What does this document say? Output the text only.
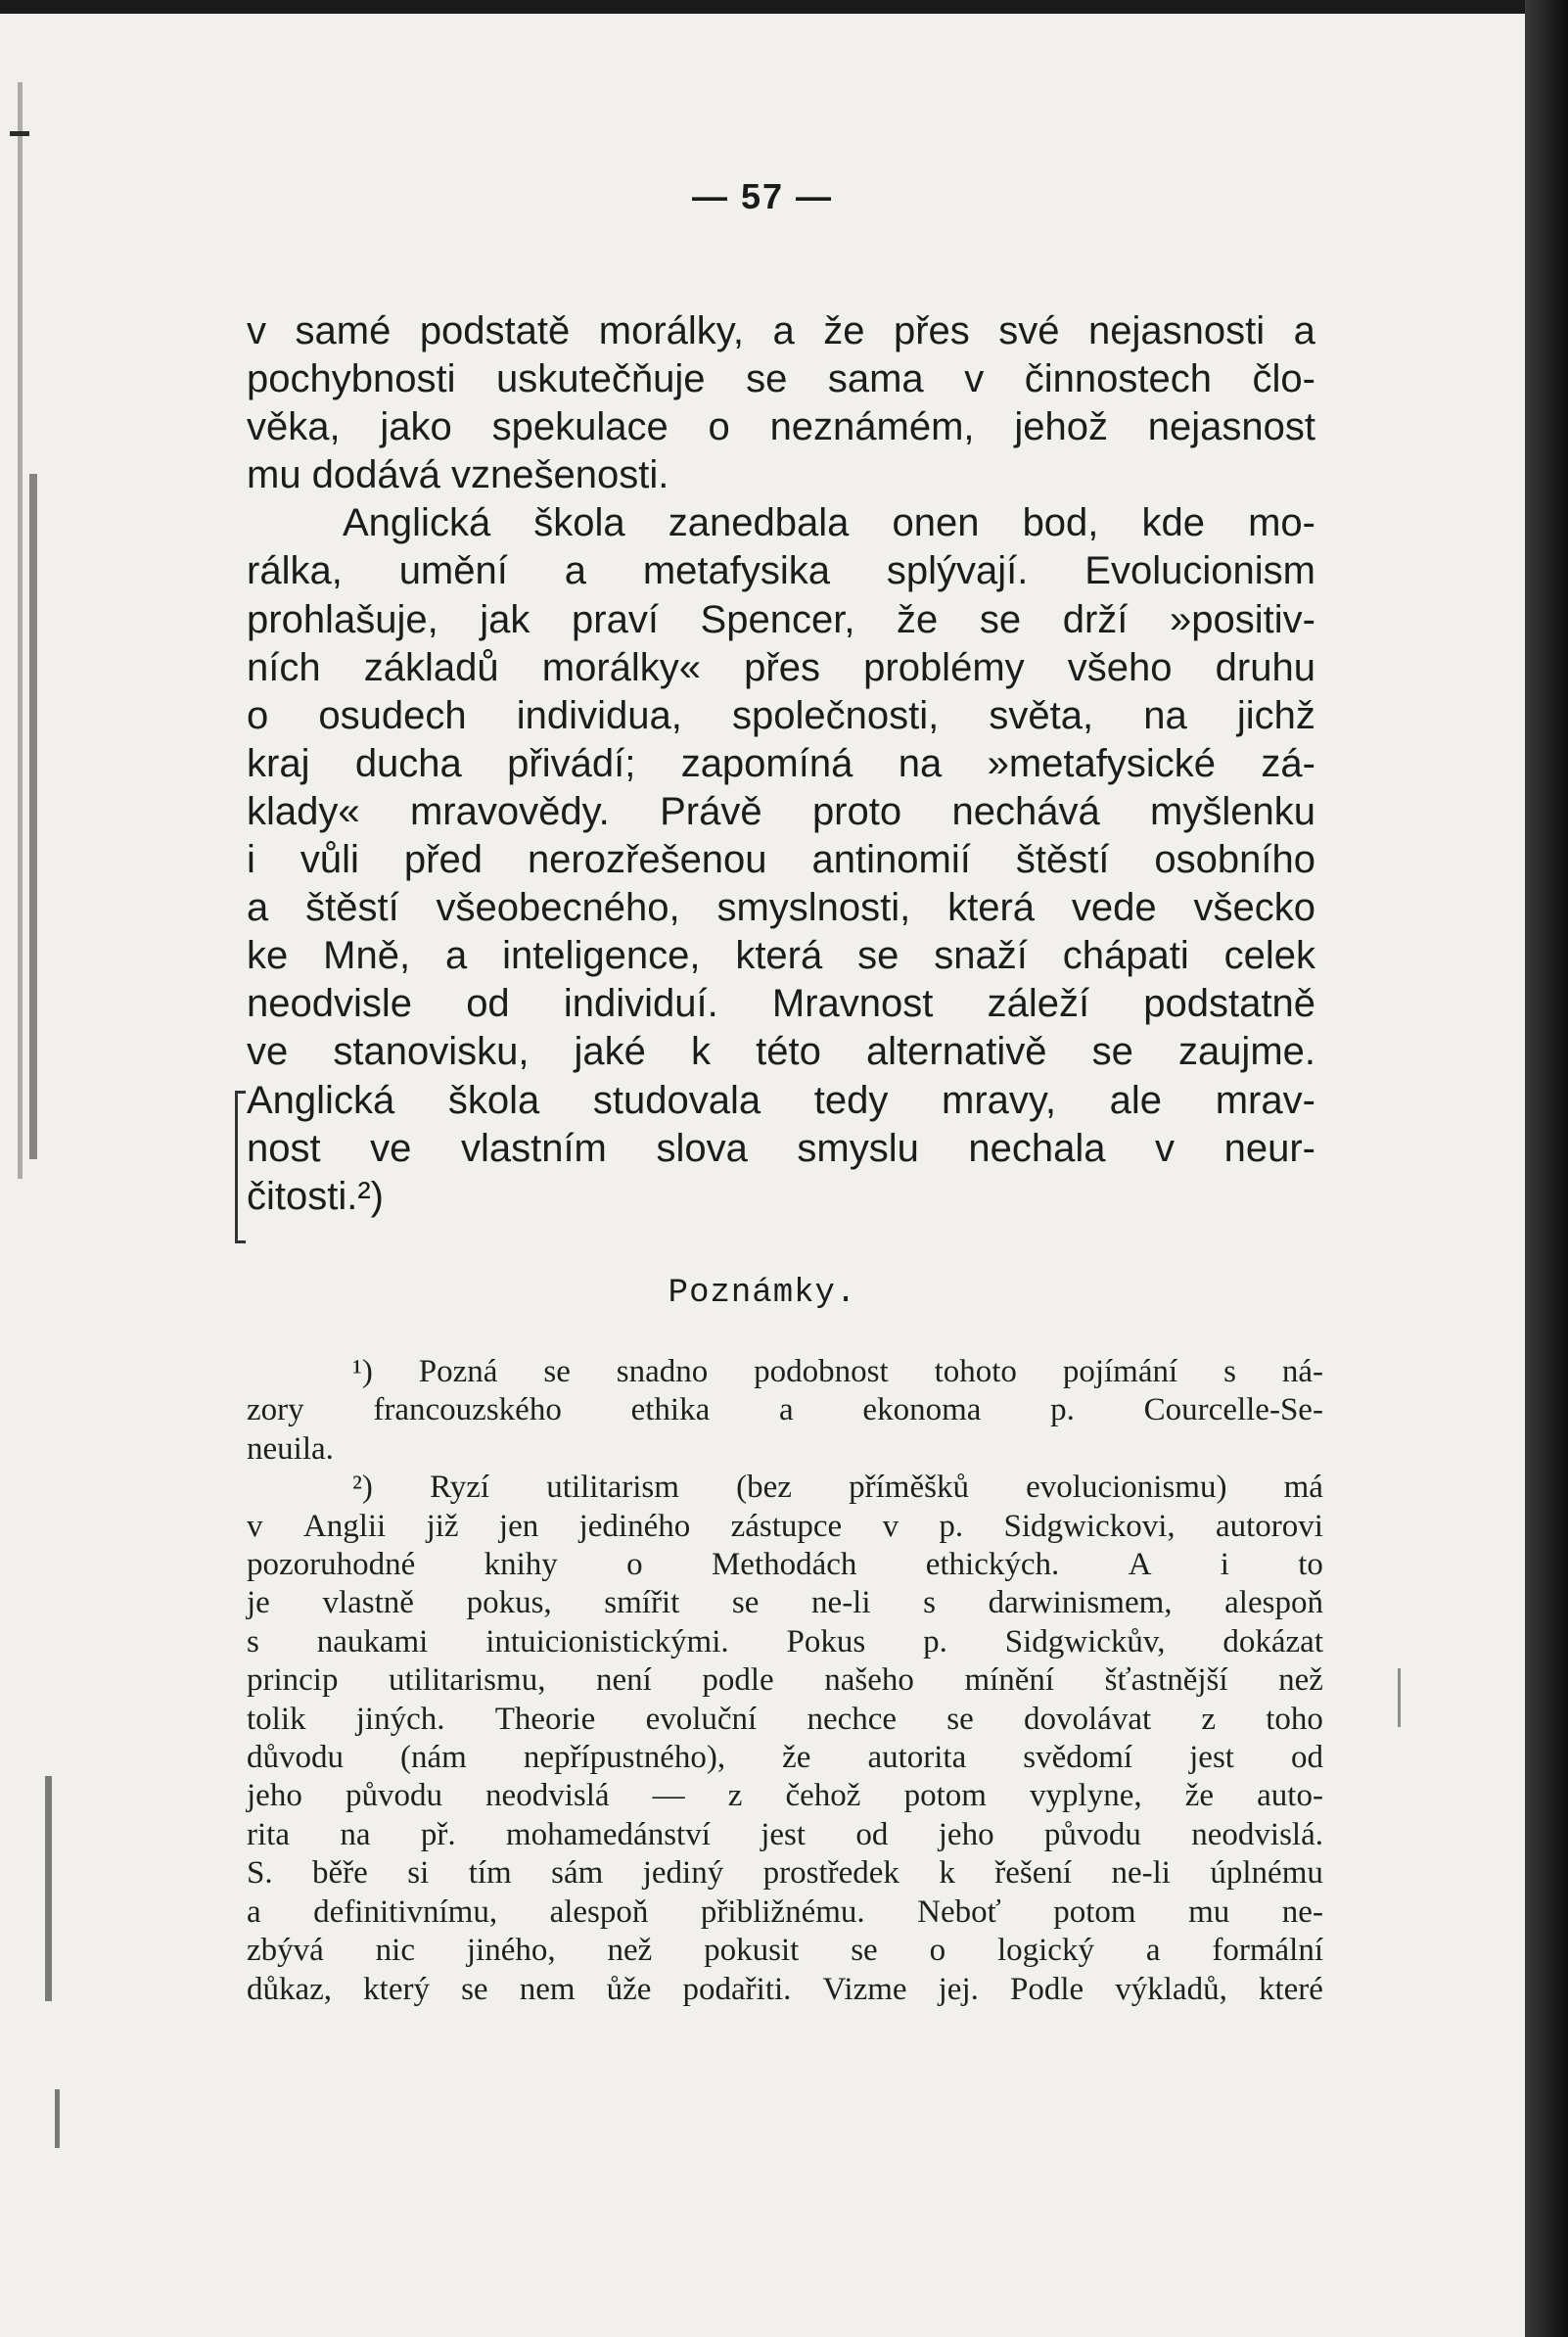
— 57 —
v samé podstatě morálky, a že přes své nejasnosti a
pochybnosti uskutečňuje se sama v činnostech člo-
věka, jako spekulace o neznámém, jehož nejasnost
mu dodává vznešenosti.
Anglická škola zanedbala onen bod, kde mo-
rálka, umění a metafysika splývají. Evolucionism
prohlašuje, jak praví Spencer, že se drží »positiv-
ních základů morálky« přes problémy všeho druhu
o osudech individua, společnosti, světa, na jichž
kraj ducha přivádí; zapomíná na »metafysické zá-
klady« mravovědy. Právě proto nechává myšlenku
i vůli před nerozřešenou antinomií štěstí osobního
a štěstí všeobecného, smyslnosti, která vede všecko
ke Mně, a inteligence, která se snaží chápati celek
neodvisle od individuí. Mravnost záleží podstatně
ve stanovisku, jaké k této alternativě se zaujme.
Anglická škola studovala tedy mravy, ale mrav-
nost ve vlastním slova smyslu nechala v neur-
čitosti.²)
Poznámky.
¹) Pozná se snadno podobnost tohoto pojímání s ná-
zory francouzského ethika a ekonoma p. Courcelle-Se-
neuila.
²) Ryzí utilitarism (bez příměšků evolucionismu) má
v Anglii již jen jediného zástupce v p. Sidgwickovi, autorovi
pozoruhodné knihy o Methodách ethických. A i to
je vlastně pokus, smířit se ne-li s darwinismem, alespoň
s naukami intuicionistickými. Pokus p. Sidgwickův, dokázat
princip utilitarismu, není podle našeho mínění šťastnější než
tolik jiných. Theorie evoluční nechce se dovolávat z toho
důvodu (nám nepřípustného), že autorita svědomí jest od
jeho původu neodvislá — z čehož potom vyplyne, že auto-
rita na př. mohamedánství jest od jeho původu neodvislá.
S. běře si tím sám jediný prostředek k řešení ne-li úplnému
a definitivnímu, alespoň přibližnému. Neboť potom mu ne-
zbývá nic jiného, než pokusit se o logický a formální
důkaz, který se nem ůže podařiti. Vizme jej. Podle výkladů, které
